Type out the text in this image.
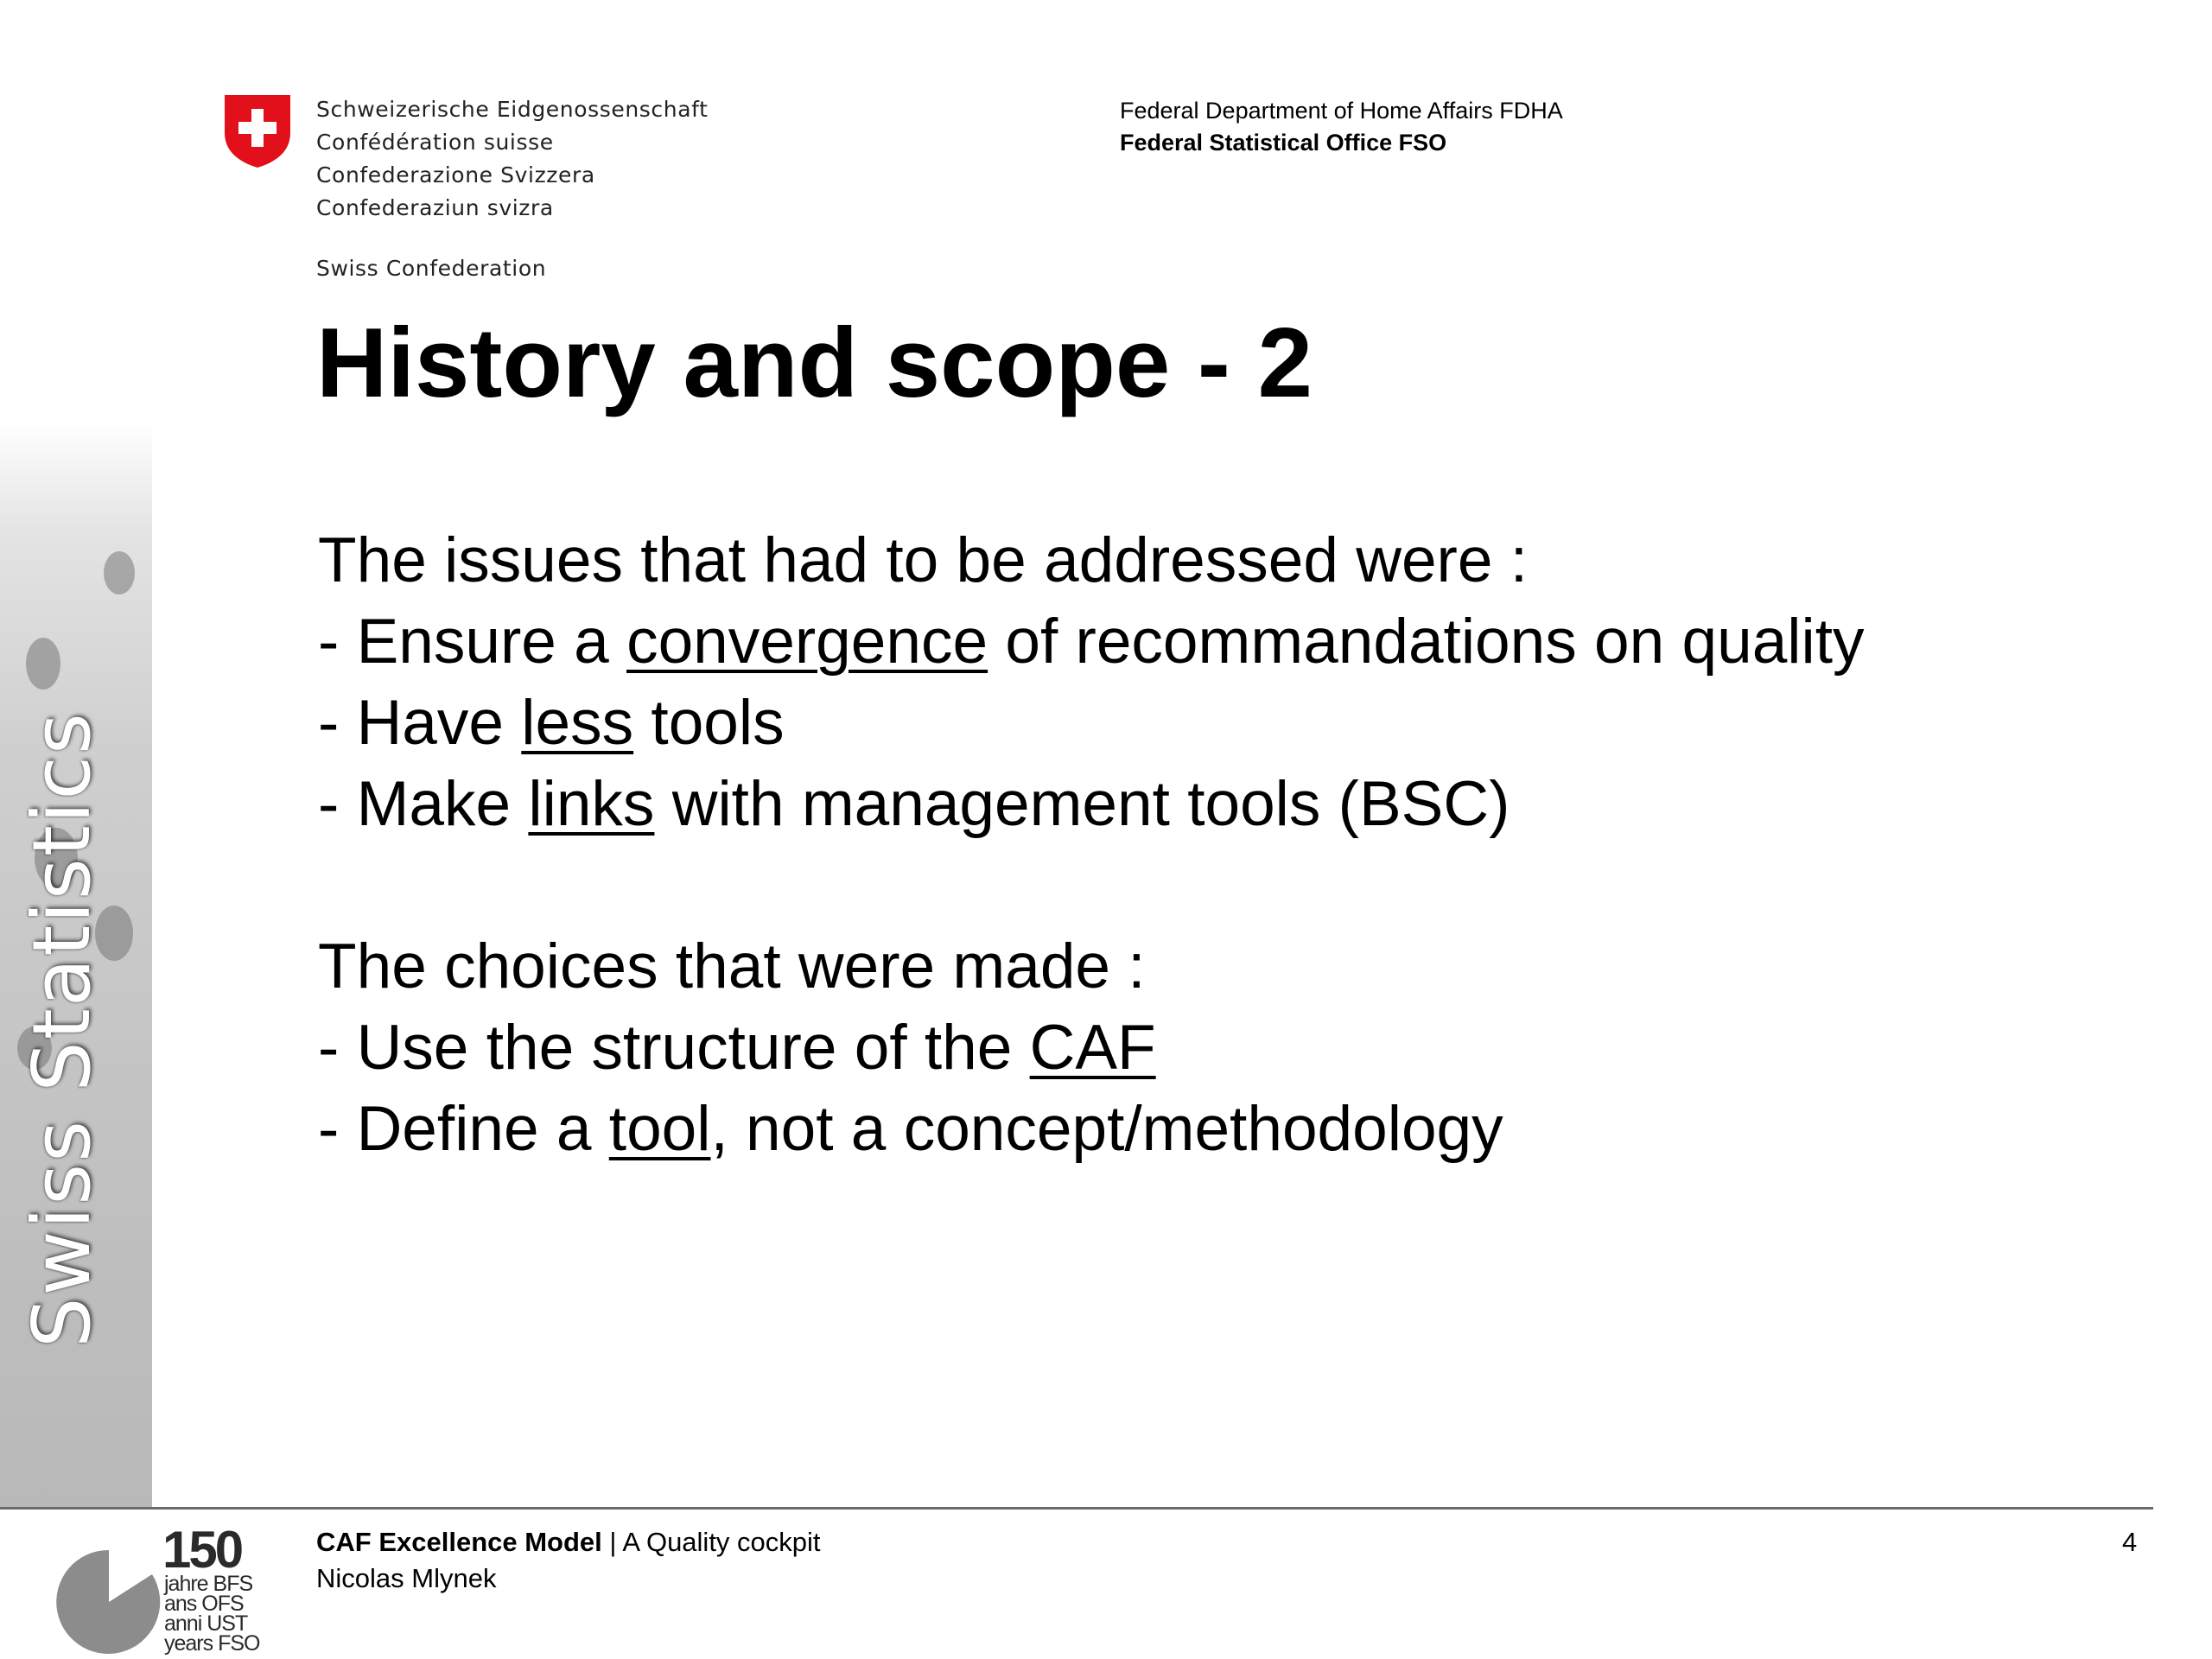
Schweizerische Eidgenossenschaft
Confédération suisse
Confederazione Svizzera
Confederaziun svizra
Swiss Confederation
Federal Department of Home Affairs FDHA
Federal Statistical Office FSO
History and scope - 2
The issues that had to be addressed were :
- Ensure a convergence of recommandations on quality
- Have less tools
- Make links with management tools (BSC)
The choices that were made :
- Use the structure of the CAF
- Define a tool, not a concept/methodology
Swiss Statistics
150
jahre BFS
ans OFS
anni UST
years FSO
CAF Excellence Model | A Quality cockpit
Nicolas Mlynek
4
